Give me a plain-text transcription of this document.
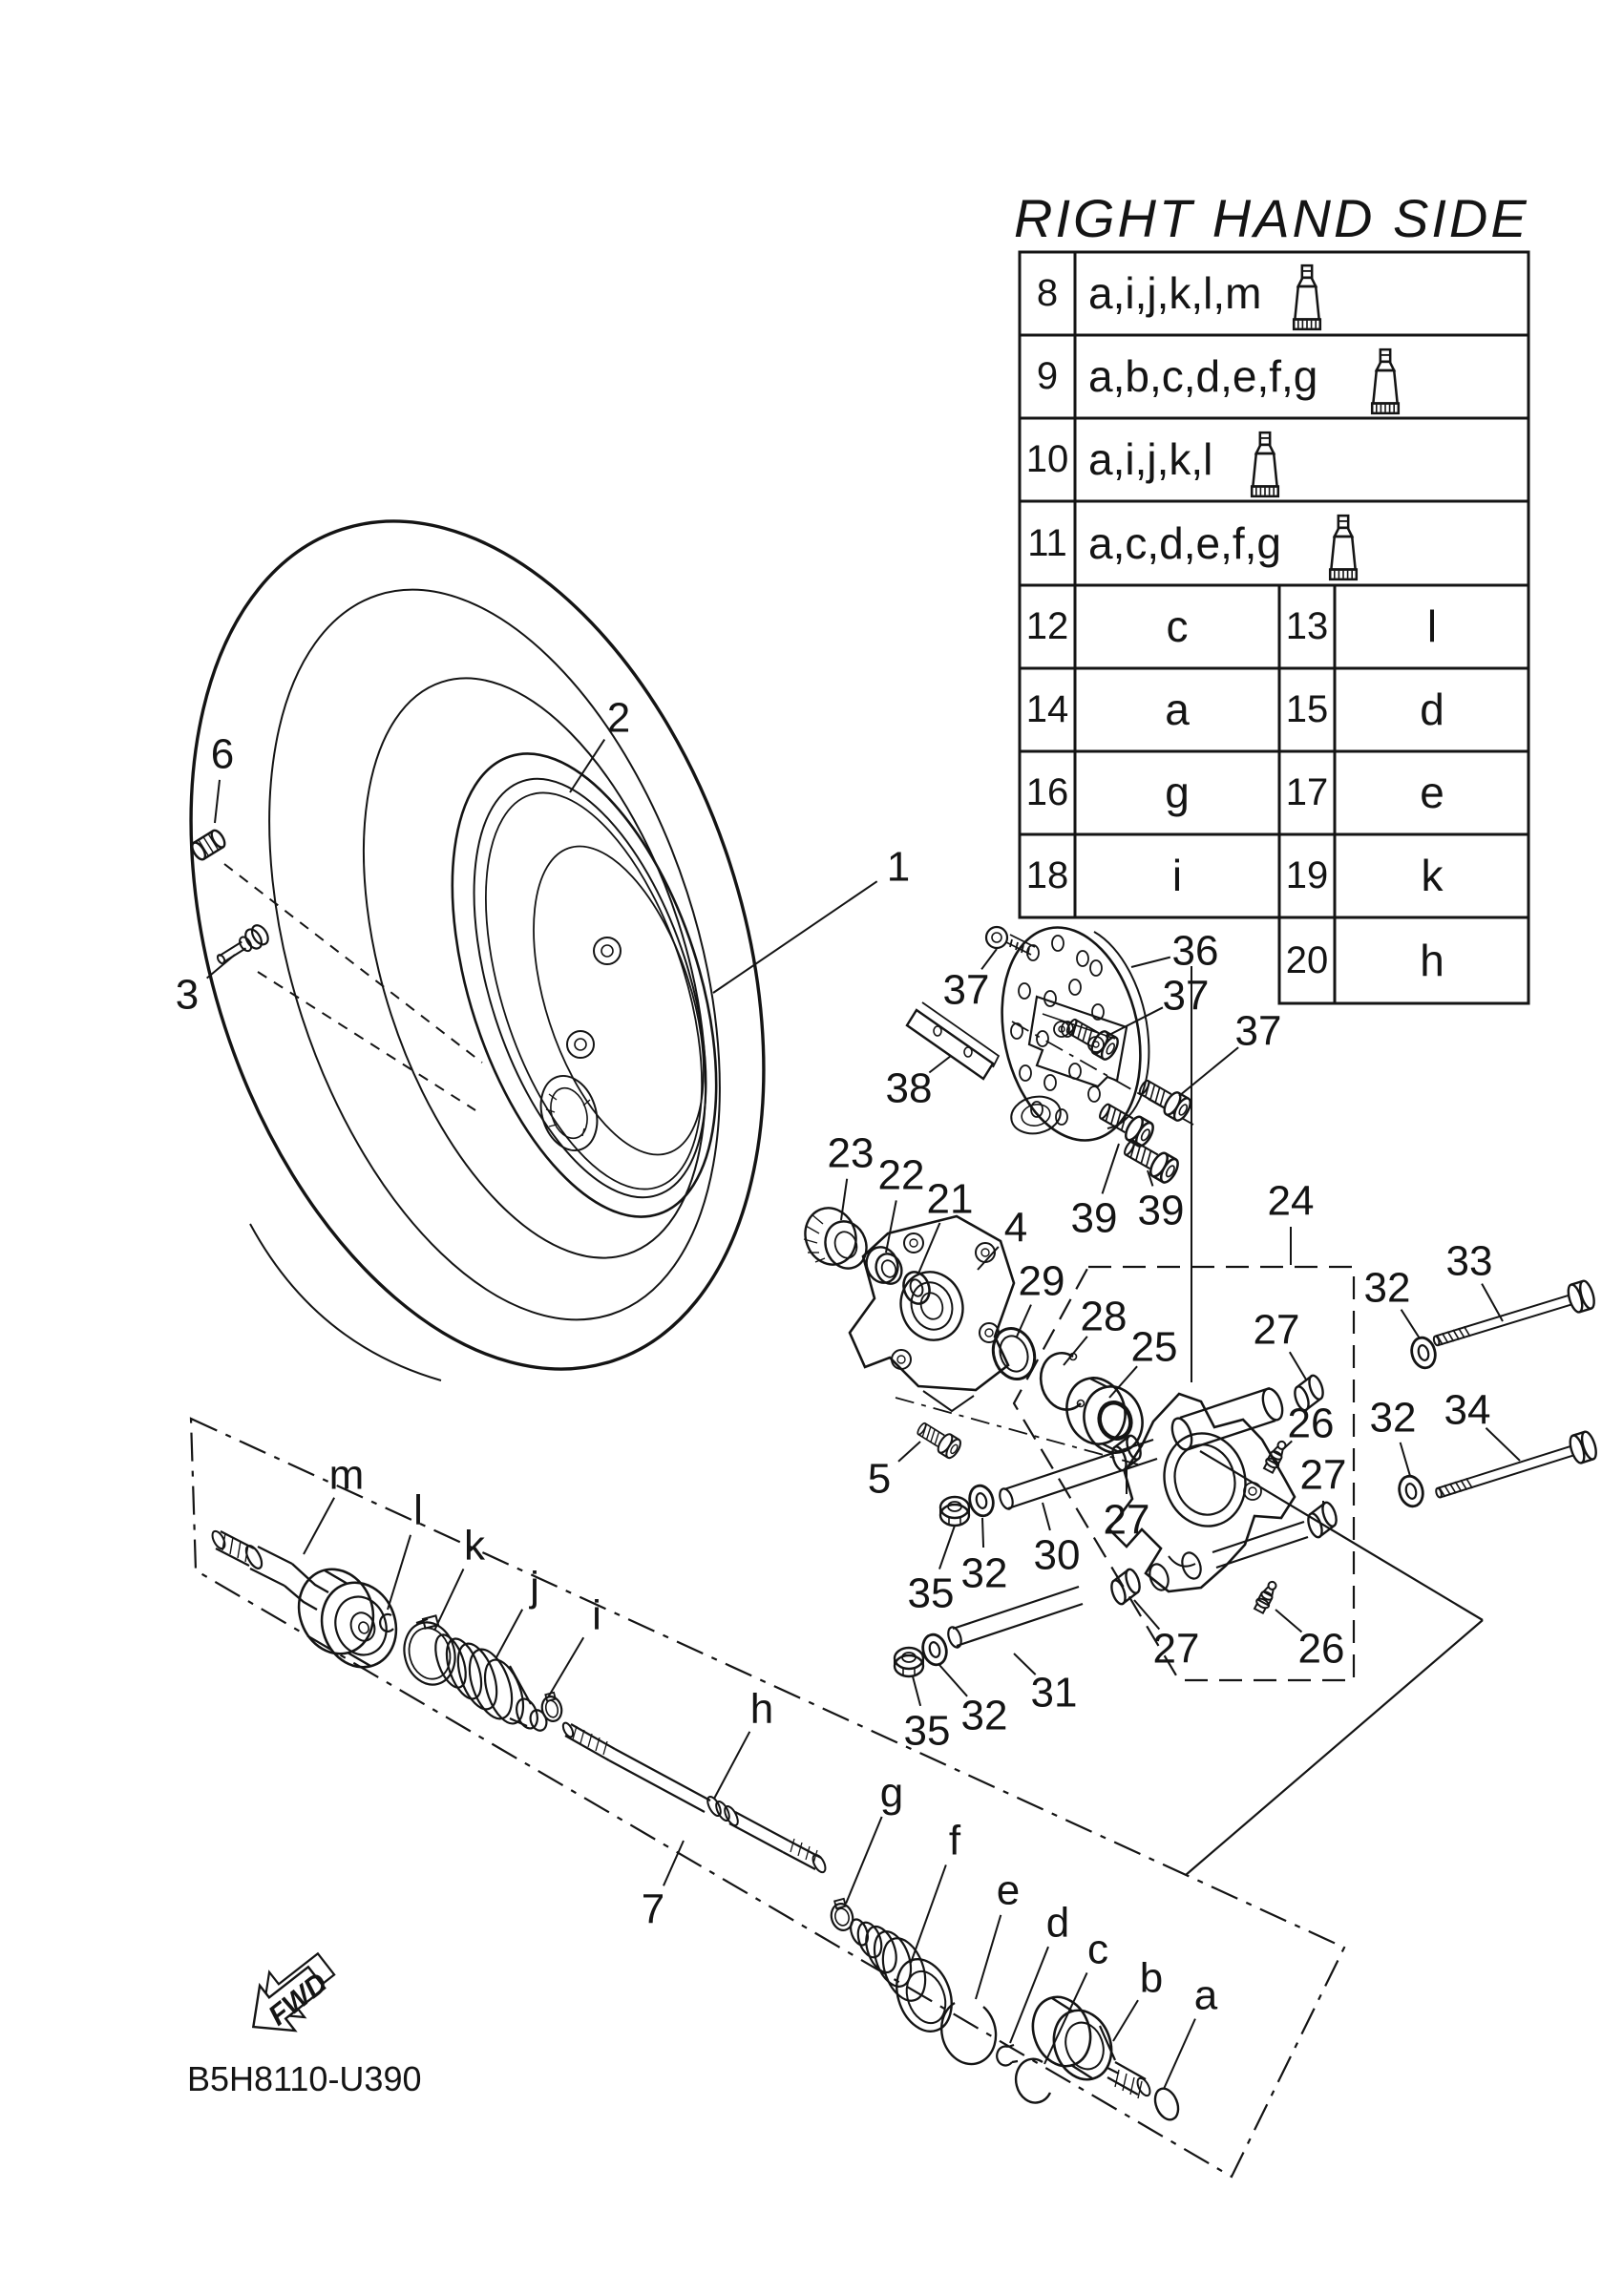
RIGHT HAND SIDE
8 a,i,j,k,l,m
9 a,b,c,d,e,f,g
10 a,i,j,k,l
11 a,c,d,e,f,g
12 c	13 l
14 a	15 d
16 g	17 e
18 i	19 k
20 h
FWD
B5H8110-U390
1
2
6
3
36
37	37
37
38
39 39
23 22
21
4
29
28
25
5
24
27
32
33
26
27
32 34
30
27
31
27 26
32
35
32
35
m
l
k
j
i
h
7
g
f
e
d
c
b a
